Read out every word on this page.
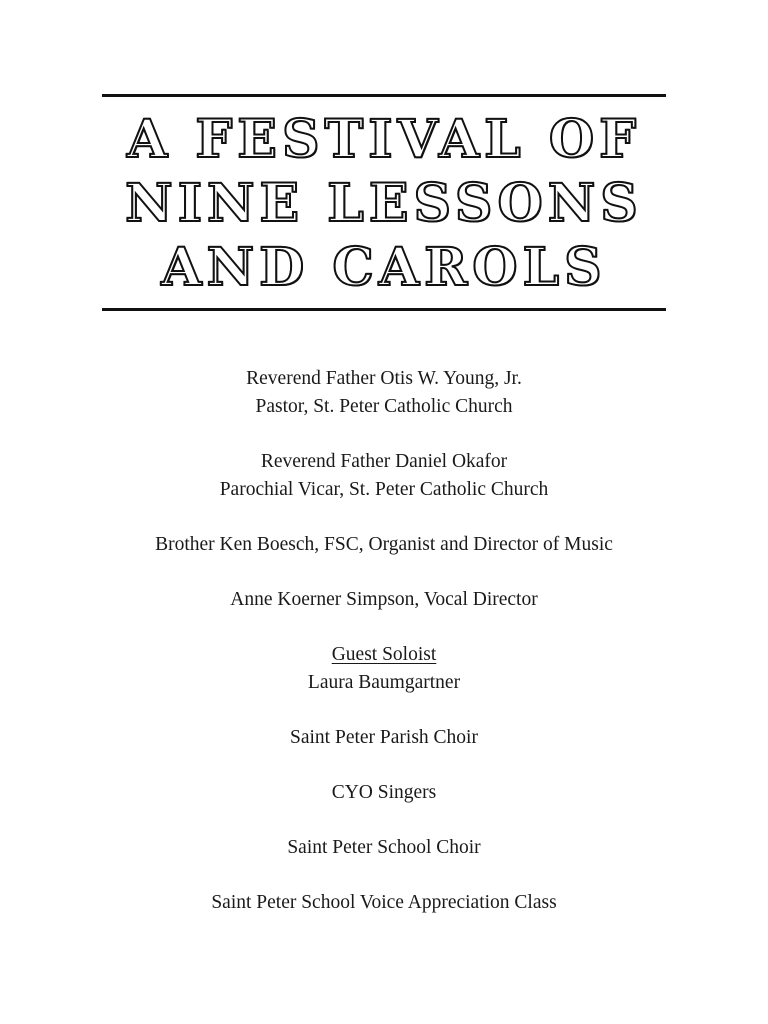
A FESTIVAL OF
NINE LESSONS
AND CAROLS
Reverend Father Otis W. Young, Jr.
Pastor, St. Peter Catholic Church
Reverend Father Daniel Okafor
Parochial Vicar, St. Peter Catholic Church
Brother Ken Boesch, FSC, Organist and Director of Music
Anne Koerner Simpson, Vocal Director
Guest Soloist
Laura Baumgartner
Saint Peter Parish Choir
CYO Singers
Saint Peter School Choir
Saint Peter School Voice Appreciation Class
